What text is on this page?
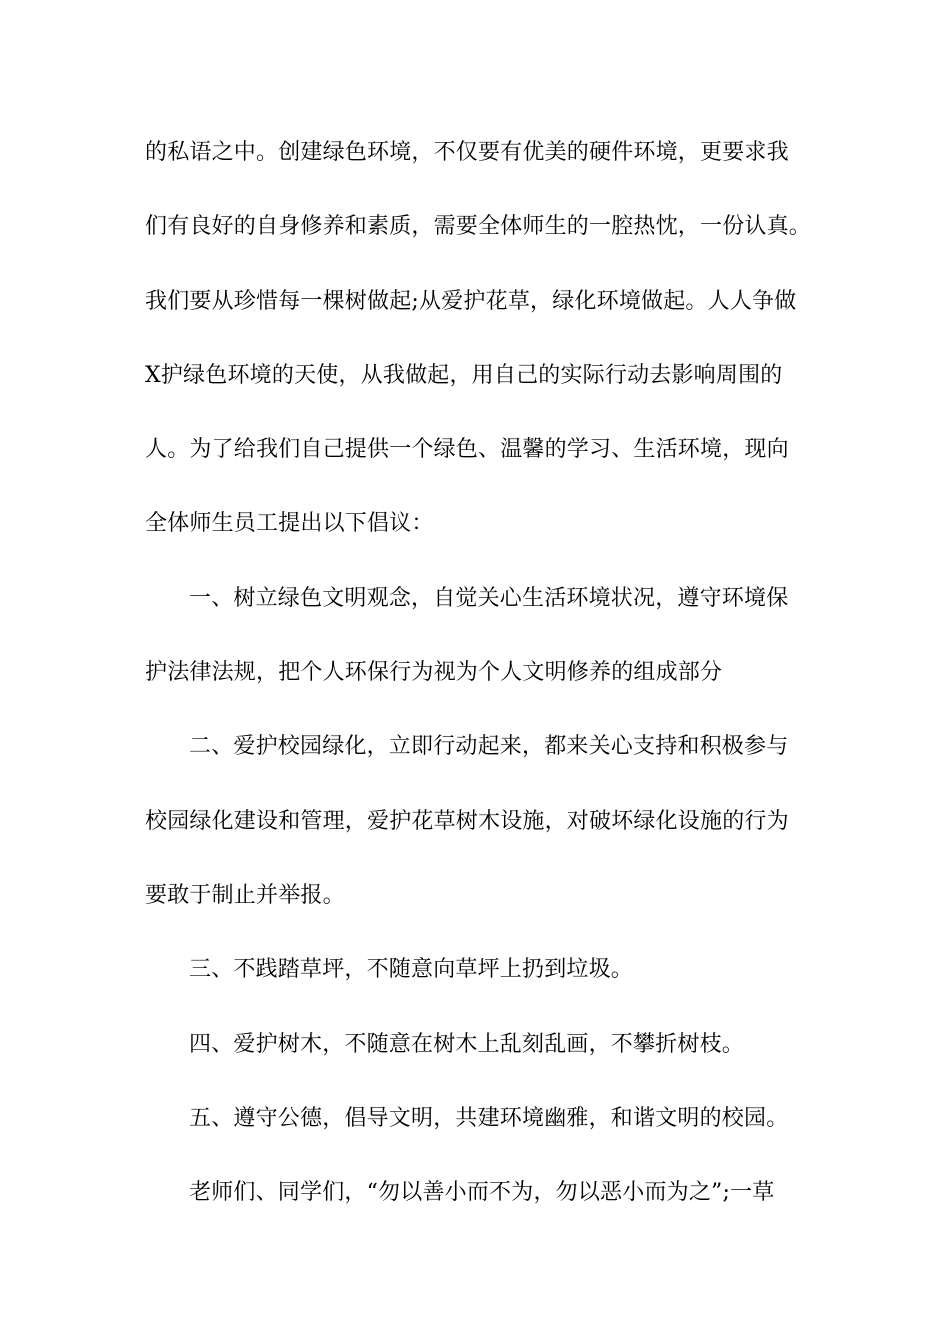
的私语之中。创建绿色环境，不仅要有优美的硬件环境，更要求我
们有良好的自身修养和素质，需要全体师生的一腔热忱，一份认真。
我们要从珍惜每一棵树做起;从爱护花草，绿化环境做起。人人争做
X护绿色环境的天使，从我做起，用自己的实际行动去影响周围的
人。为了给我们自己提供一个绿色、温馨的学习、生活环境，现向
全体师生员工提出以下倡议：
一、树立绿色文明观念，自觉关心生活环境状况，遵守环境保
护法律法规，把个人环保行为视为个人文明修养的组成部分
二、爱护校园绿化，立即行动起来，都来关心支持和积极参与
校园绿化建设和管理，爱护花草树木设施，对破坏绿化设施的行为
要敢于制止并举报。
三、不践踏草坪，不随意向草坪上扔到垃圾。
四、爱护树木，不随意在树木上乱刻乱画，不攀折树枝。
五、遵守公德，倡导文明，共建环境幽雅，和谐文明的校园。
老师们、同学们，“勿以善小而不为，勿以恶小而为之”;一草
